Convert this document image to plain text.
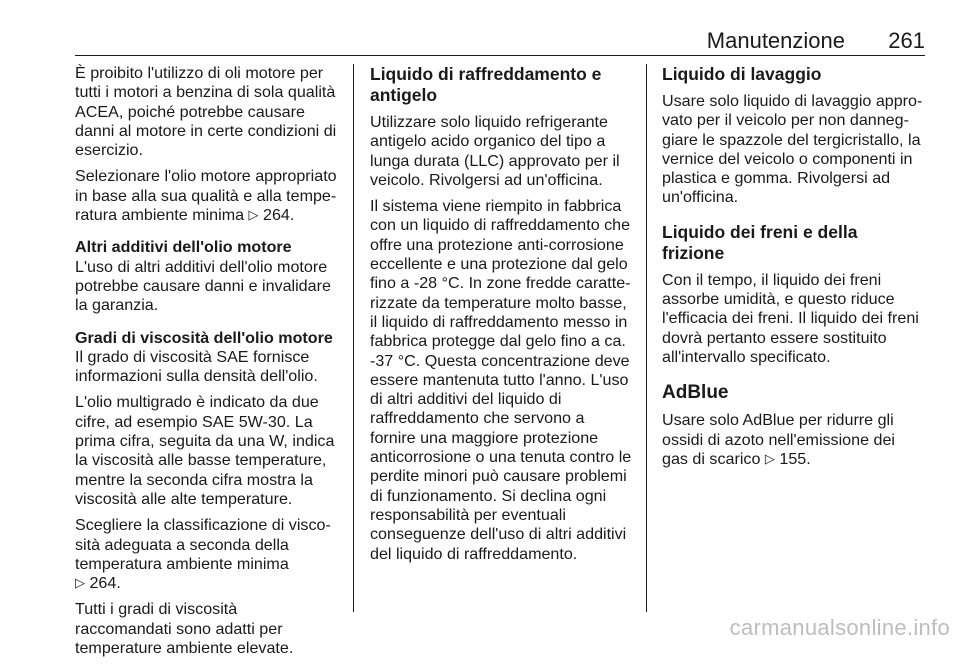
Manutenzione 261

È proibito l'utilizzo di oli motore per tutti i motori a benzina di sola qualità ACEA, poiché potrebbe causare danni al motore in certe condizioni di esercizio.

Selezionare l'olio motore appropriato in base alla sua qualità e alla temperatura ambiente minima ▷ 264.

Altri additivi dell'olio motore

L'uso di altri additivi dell'olio motore potrebbe causare danni e invalidare la garanzia.

Gradi di viscosità dell'olio motore

Il grado di viscosità SAE fornisce informazioni sulla densità dell'olio.

L'olio multigrado è indicato da due cifre, ad esempio SAE 5W-30. La prima cifra, seguita da una W, indica la viscosità alle basse temperature, mentre la seconda cifra mostra la viscosità alle alte temperature.

Scegliere la classificazione di viscosità adeguata a seconda della temperatura ambiente minima ▷ 264.

Tutti i gradi di viscosità raccomandati sono adatti per temperature ambiente elevate.

Liquido di raffreddamento e antigelo

Utilizzare solo liquido refrigerante antigelo acido organico del tipo a lunga durata (LLC) approvato per il veicolo. Rivolgersi ad un'officina.

Il sistema viene riempito in fabbrica con un liquido di raffreddamento che offre una protezione anti-corrosione eccellente e una protezione dal gelo fino a -28 °C. In zone fredde caratterizzate da temperature molto basse, il liquido di raffreddamento messo in fabbrica protegge dal gelo fino a ca. -37 °C. Questa concentrazione deve essere mantenuta tutto l'anno. L'uso di altri additivi del liquido di raffreddamento che servono a fornire una maggiore protezione anticorrosione o una tenuta contro le perdite minori può causare problemi di funzionamento. Si declina ogni responsabilità per eventuali conseguenze dell'uso di altri additivi del liquido di raffreddamento.

Liquido di lavaggio

Usare solo liquido di lavaggio approvato per il veicolo per non danneggiare le spazzole del tergicristallo, la vernice del veicolo o componenti in plastica e gomma. Rivolgersi ad un'officina.

Liquido dei freni e della frizione

Con il tempo, il liquido dei freni assorbe umidità, e questo riduce l'efficacia dei freni. Il liquido dei freni dovrà pertanto essere sostituito all'intervallo specificato.

AdBlue

Usare solo AdBlue per ridurre gli ossidi di azoto nell'emissione dei gas di scarico ▷ 155.

carmanualsonline.info
